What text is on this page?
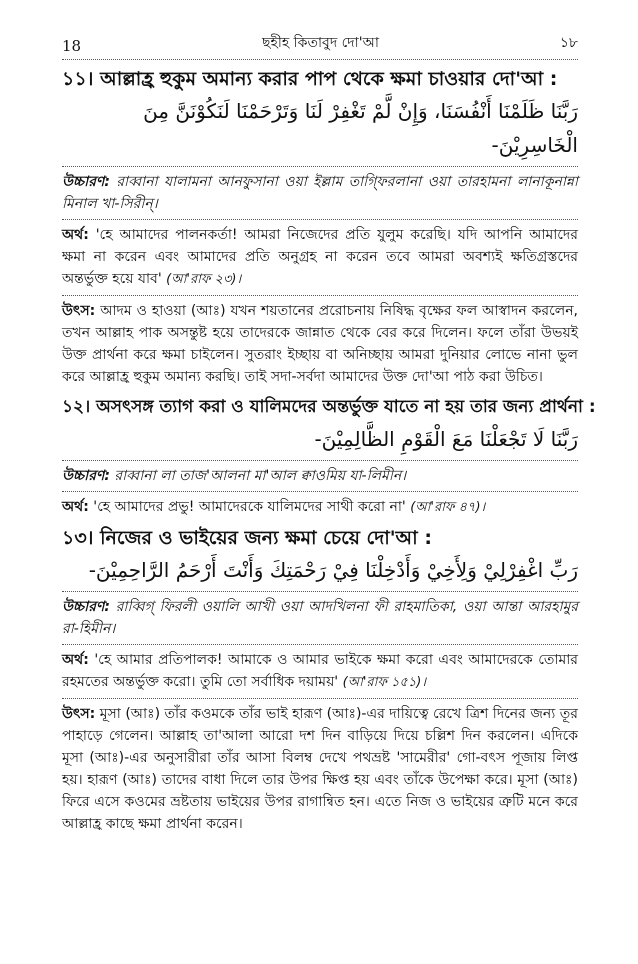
18	ছহীহ কিতাবুদ দো'আ	১৮
১১। আল্লাহ্র হুকুম অমান্য করার পাপ থেকে ক্ষমা চাওয়ার দো'আ :
رَبَّنَا ظَلَمْنَا أَنْفُسَنَا، وَإِنْ لَّمْ تَغْفِرْ لَنَا وَتَرْحَمْنَا لَنَكُوْنَنَّ مِنَ الْخَاسِرِيْنَ-

উচ্চারণ: রাব্বানা যালামনা আনফুসানা ওয়া ইল্লাম তাগ্ফিরলানা ওয়া তারহামনা লানাকূনান্না মিনাল খা-সিরীন্।

অর্থ: 'হে আমাদের পালনকর্তা! আমরা নিজেদের প্রতি যুলুম করেছি। যদি আপনি আমাদের ক্ষমা না করেন এবং আমাদের প্রতি অনুগ্রহ না করেন তবে আমরা অবশ্যই ক্ষতিগ্রস্তদের অন্তর্ভুক্ত হয়ে যাব' (আ'রাফ ২৩)।

উৎস: আদম ও হাওয়া (আঃ) যখন শয়তানের প্ররোচনায় নিষিদ্ধ বৃক্ষের ফল আস্বাদন করলেন, তখন আল্লাহ পাক অসন্তুষ্ট হয়ে তাদেরকে জান্নাত থেকে বের করে দিলেন। ফলে তাঁরা উভয়ই উক্ত প্রার্থনা করে ক্ষমা চাইলেন। সুতরাং ইচ্ছায় বা অনিচ্ছায় আমরা দুনিয়ার লোভে নানা ভুল করে আল্লাহ্র হুকুম অমান্য করছি। তাই সদা-সর্বদা আমাদের উক্ত দো'আ পাঠ করা উচিত।

১২। অসৎসঙ্গ ত্যাগ করা ও যালিমদের অন্তর্ভুক্ত যাতে না হয় তার জন্য প্রার্থনা :
رَبَّنَا لَا تَجْعَلْنَا مَعَ الْقَوْمِ الظَّالِمِيْنَ-

উচ্চারণ: রাব্বানা লা তাজ'আলনা মা'আল ক্বাওমিয় যা-লিমীন।

অর্থ: 'হে আমাদের প্রভু! আমাদেরকে যালিমদের সাথী করো না' (আ'রাফ ৪৭)।

১৩। নিজের ও ভাইয়ের জন্য ক্ষমা চেয়ে দো'আ :
رَبِّ اغْفِرْلِيْ وَلِأَخِيْ وَأَدْخِلْنَا فِيْ رَحْمَتِكَ وَأَنْتَ أَرْحَمُ الرَّاحِمِيْنَ-

উচ্চারণ: রাব্বিগ্ ফিরলী ওয়ালি আখী ওয়া আদখিলনা ফী রাহমাতিকা, ওয়া আন্তা আরহামুর রা-হিমীন।

অর্থ: 'হে আমার প্রতিপালক! আমাকে ও আমার ভাইকে ক্ষমা করো এবং আমাদেরকে তোমার রহমতের অন্তর্ভুক্ত করো। তুমি তো সর্বাধিক দয়াময়' (আ'রাফ ১৫১)।

উৎস: মূসা (আঃ) তাঁর কওমকে তাঁর ভাই হারূণ (আঃ)-এর দায়িত্বে রেখে ত্রিশ দিনের জন্য তূর পাহাড়ে গেলেন। আল্লাহ তা'আলা আরো দশ দিন বাড়িয়ে দিয়ে চল্লিশ দিন করলেন। এদিকে মূসা (আঃ)-এর অনুসারীরা তাঁর আসা বিলম্ব দেখে পথভ্রষ্ট 'সামেরীর' গো-বৎস পূজায় লিপ্ত হয়। হারূণ (আঃ) তাদের বাধা দিলে তার উপর ক্ষিপ্ত হয় এবং তাঁকে উপেক্ষা করে। মূসা (আঃ) ফিরে এসে কওমের ভ্রষ্টতায় ভাইয়ের উপর রাগান্বিত হন। এতে নিজ ও ভাইয়ের ত্রুটি মনে করে আল্লাহ্র কাছে ক্ষমা প্রার্থনা করেন।
